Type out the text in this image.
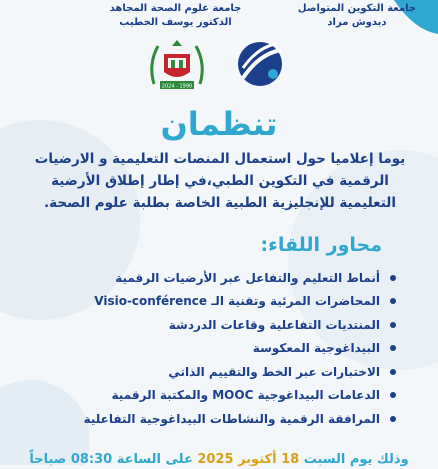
جامعة علوم الصحة المجاهد
الدكتور يوسف الخطيب
جامعة التكوين المتواصل
ديدوش مراد
2024 - 1990
تنظمان
يوما إعلاميا حول استعمال المنصات التعليمية و الارضيات الرقمية في التكوين الطبي،في إطار إطلاق الأرضية التعليمية للإنجليزية الطبية الخاصة بطلبة علوم الصحة.
محاور اللقاء:
أنماط التعليم والتفاعل عبر الأرضيات الرقمية
المحاضرات المرئية وتقنية الـ Visio-conférence
المنتديات التفاعلية وقاعات الدردشة
البيداغوجية المعكوسة
الاختبارات عبر الخط والتقييم الذاتي
الدعامات البيداغوجية MOOC والمكتبة الرقمية
المرافقة الرقمية والنشاطات البيداغوجية التفاعلية
وذلك يوم السبت 18 أكتوبر 2025 على الساعة 08:30 صباحاً
